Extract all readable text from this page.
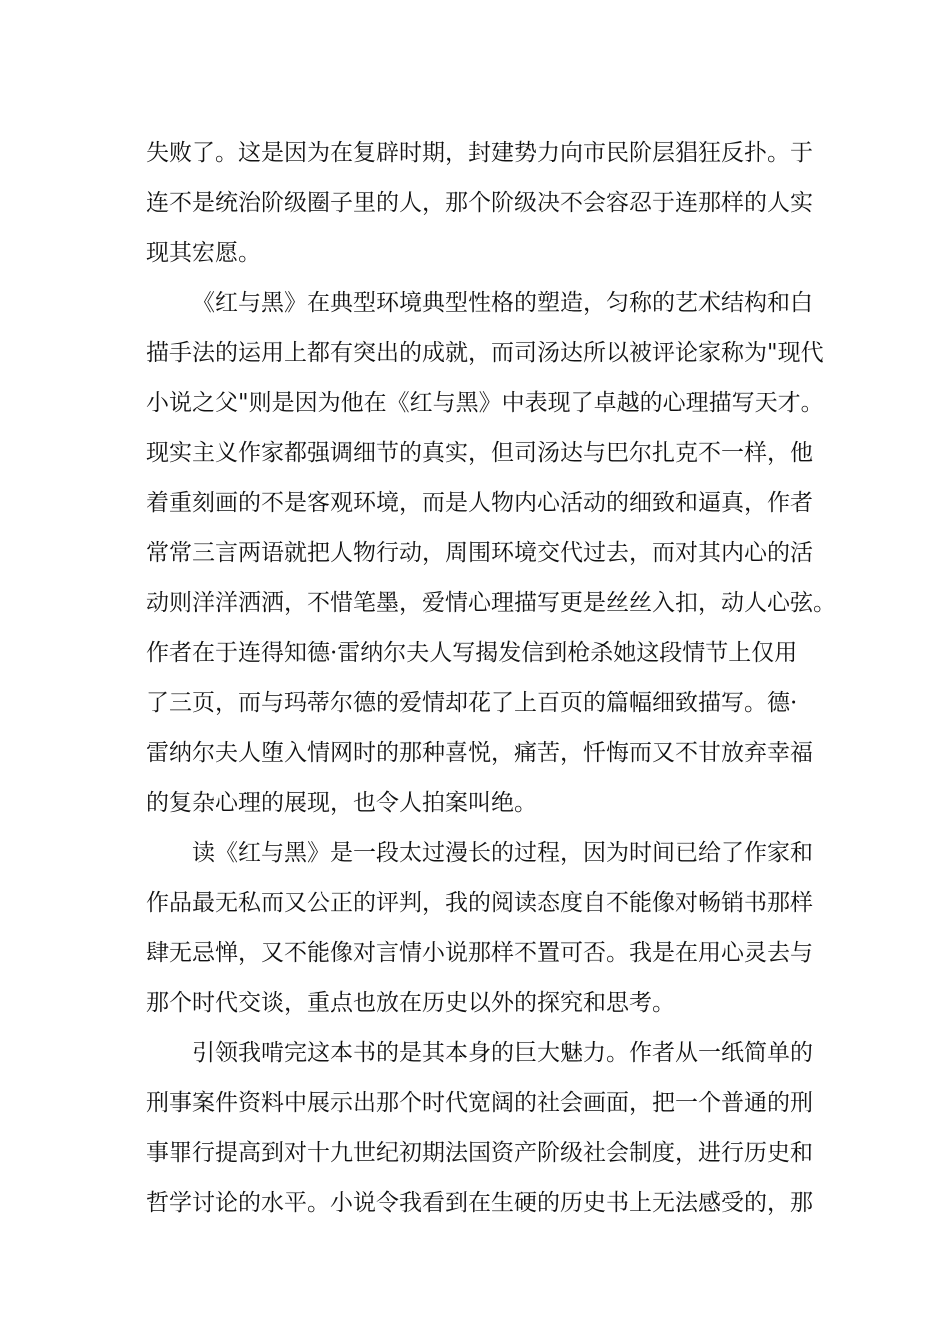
失败了。这是因为在复辟时期，封建势力向市民阶层猖狂反扑。于
连不是统治阶级圈子里的人，那个阶级决不会容忍于连那样的人实
现其宏愿。
《红与黑》在典型环境典型性格的塑造，匀称的艺术结构和白
描手法的运用上都有突出的成就，而司汤达所以被评论家称为"现代
小说之父"则是因为他在《红与黑》中表现了卓越的心理描写天才。
现实主义作家都强调细节的真实，但司汤达与巴尔扎克不一样，他
着重刻画的不是客观环境，而是人物内心活动的细致和逼真，作者
常常三言两语就把人物行动，周围环境交代过去，而对其内心的活
动则洋洋洒洒，不惜笔墨，爱情心理描写更是丝丝入扣，动人心弦。
作者在于连得知德·雷纳尔夫人写揭发信到枪杀她这段情节上仅用
了三页，而与玛蒂尔德的爱情却花了上百页的篇幅细致描写。德·
雷纳尔夫人堕入情网时的那种喜悦，痛苦，忏悔而又不甘放弃幸福
的复杂心理的展现，也令人拍案叫绝。
读《红与黑》是一段太过漫长的过程，因为时间已给了作家和
作品最无私而又公正的评判，我的阅读态度自不能像对畅销书那样
肆无忌惮，又不能像对言情小说那样不置可否。我是在用心灵去与
那个时代交谈，重点也放在历史以外的探究和思考。
引领我啃完这本书的是其本身的巨大魅力。作者从一纸简单的
刑事案件资料中展示出那个时代宽阔的社会画面，把一个普通的刑
事罪行提高到对十九世纪初期法国资产阶级社会制度，进行历史和
哲学讨论的水平。小说令我看到在生硬的历史书上无法感受的，那
